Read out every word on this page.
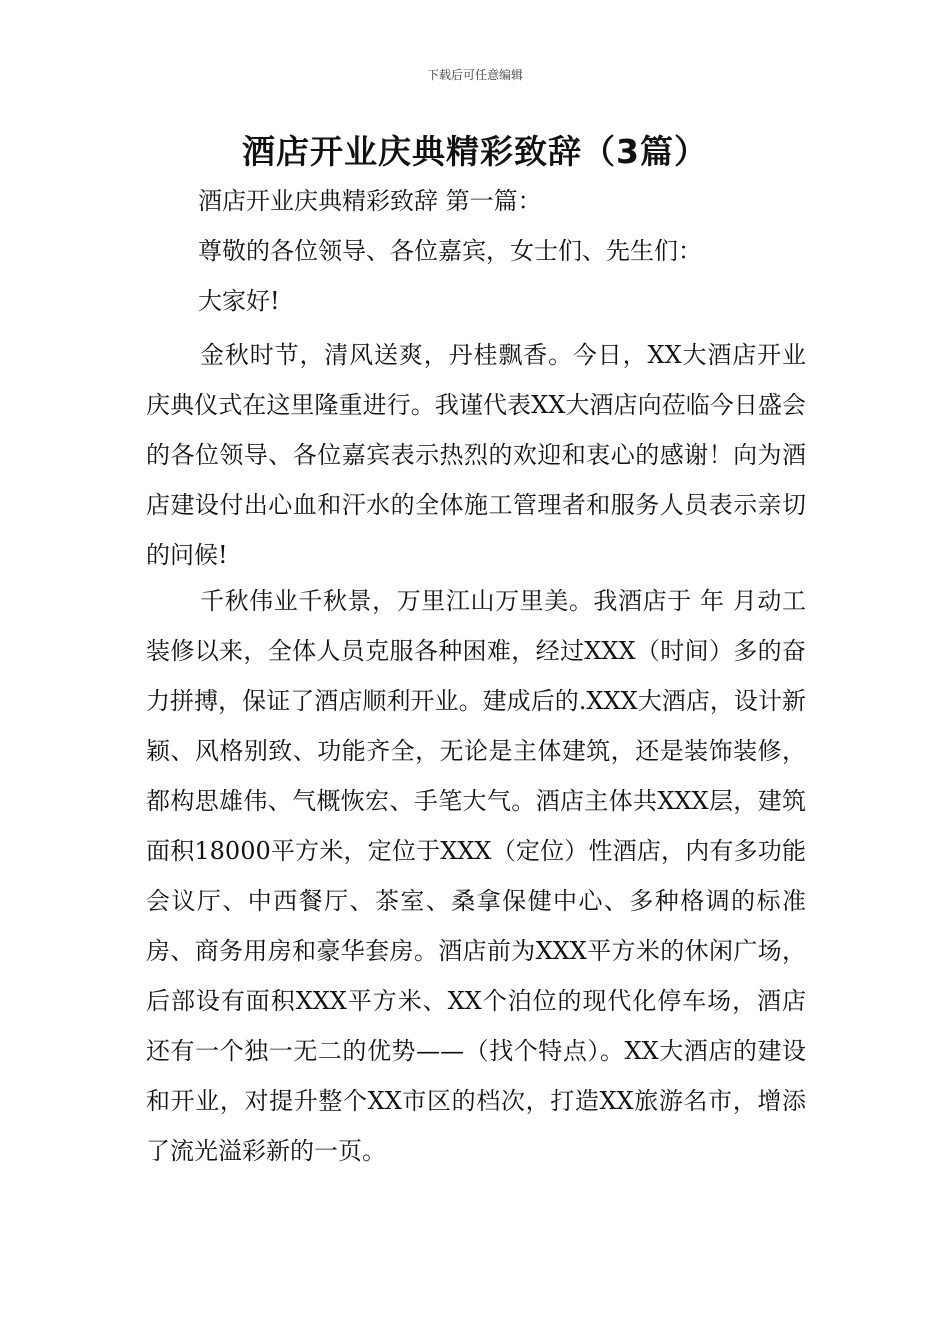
下载后可任意编辑
酒店开业庆典精彩致辞（3篇）

酒店开业庆典精彩致辞 第一篇：

尊敬的各位领导、各位嘉宾，女士们、先生们：

大家好!

金秋时节，清风送爽，丹桂飘香。今日，XX大酒店开业庆典仪式在这里隆重进行。我谨代表XX大酒店向莅临今日盛会的各位领导、各位嘉宾表示热烈的欢迎和衷心的感谢！向为酒店建设付出心血和汗水的全体施工管理者和服务人员表示亲切的问候!

千秋伟业千秋景，万里江山万里美。我酒店于 年 月动工装修以来，全体人员克服各种困难，经过XXX（时间）多的奋力拼搏，保证了酒店顺利开业。建成后的.XXX大酒店，设计新颖、风格别致、功能齐全，无论是主体建筑，还是装饰装修，都构思雄伟、气概恢宏、手笔大气。酒店主体共XXX层，建筑面积18000平方米，定位于XXX（定位）性酒店，内有多功能会议厅、中西餐厅、茶室、桑拿保健中心、多种格调的标准房、商务用房和豪华套房。酒店前为XXX平方米的休闲广场，后部设有面积XXX平方米、XX个泊位的现代化停车场，酒店还有一个独一无二的优势——（找个特点）。XX大酒店的建设和开业，对提升整个XX市区的档次，打造XX旅游名市，增添了流光溢彩新的一页。
